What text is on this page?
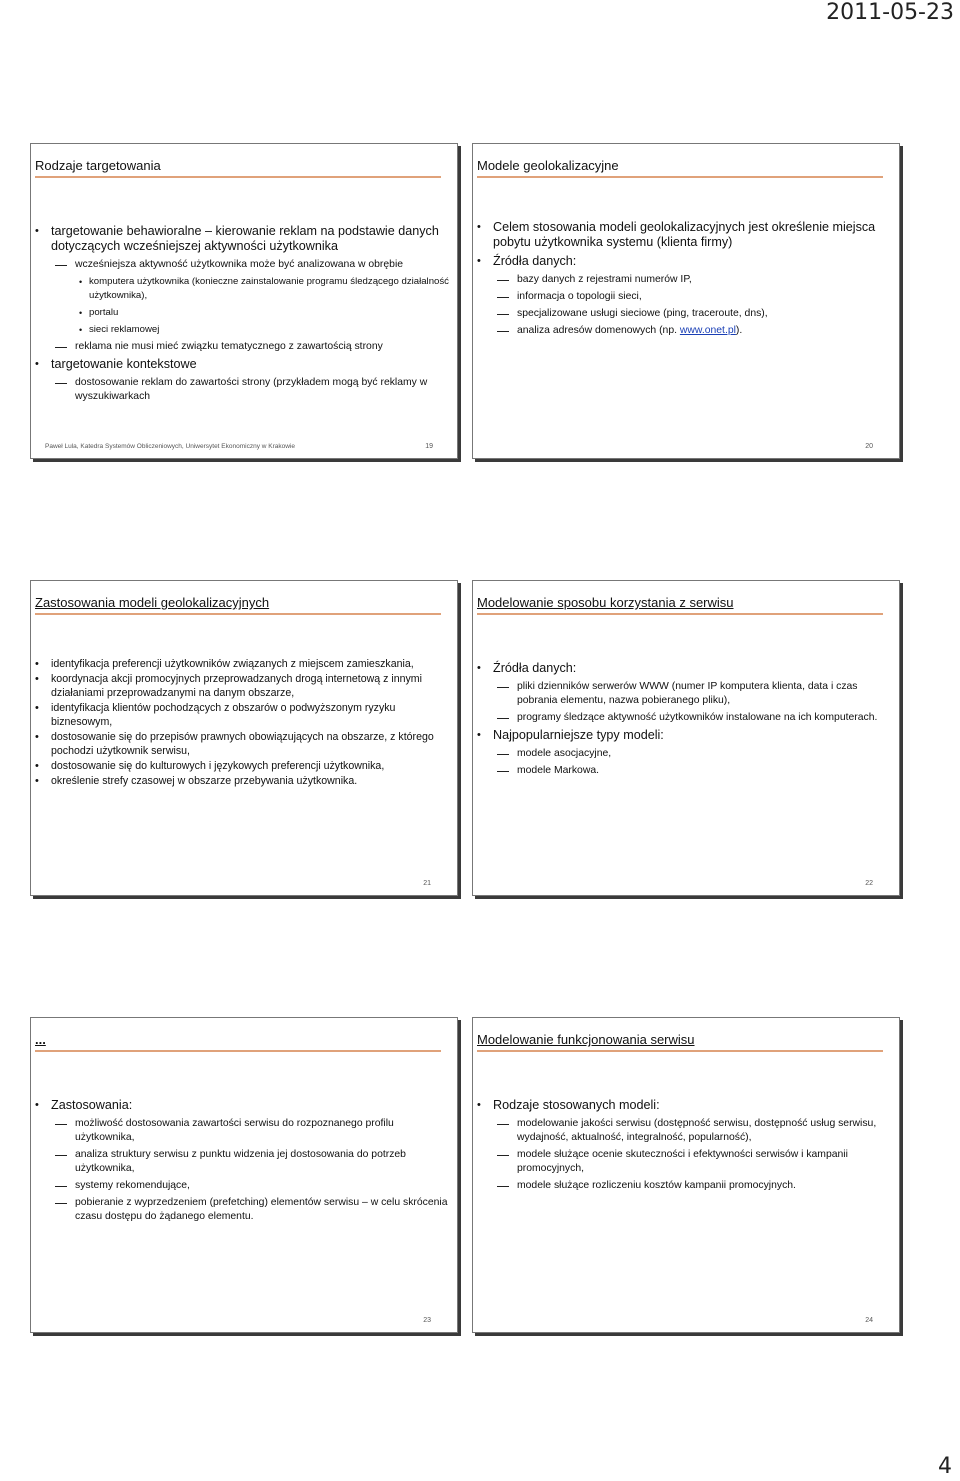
2011-05-23
Rodzaje targetowania
• targetowanie behawioralne – kierowanie reklam na podstawie danych dotyczących wcześniejszej aktywności użytkownika
wcześniejsza aktywność użytkownika może być analizowana w obrębie
• komputera użytkownika (konieczne zainstalowanie programu śledzącego działalność użytkownika),
• portalu
• sieci reklamowej
reklama nie musi mieć związku tematycznego z zawartością strony
• targetowanie kontekstowe
dostosowanie reklam do zawartości strony (przykładem mogą być reklamy w wyszukiwarkach
Paweł Lula, Katedra Systemów Obliczeniowych, Uniwersytet Ekonomiczny w Krakowie	19
Modele geolokalizacyjne
• Celem stosowania modeli geolokalizacyjnych jest określenie miejsca pobytu użytkownika systemu (klienta firmy)
• Źródła danych:
bazy danych z rejestrami numerów IP,
informacja o topologii sieci,
specjalizowane usługi sieciowe (ping, traceroute, dns),
analiza adresów domenowych (np. www.onet.pl).
20
Zastosowania modeli geolokalizacyjnych
• identyfikacja preferencji użytkowników związanych z miejscem zamieszkania,
• koordynacja akcji promocyjnych przeprowadzanych drogą internetową z innymi działaniami przeprowadzanymi na danym obszarze,
• identyfikacja klientów pochodzących z obszarów o podwyższonym ryzyku biznesowym,
• dostosowanie się do przepisów prawnych obowiązujących na obszarze, z którego pochodzi użytkownik serwisu,
• dostosowanie się do kulturowych i językowych preferencji użytkownika,
• określenie strefy czasowej w obszarze przebywania użytkownika.
21
Modelowanie sposobu korzystania z serwisu
• Źródła danych:
pliki dzienników serwerów WWW (numer IP komputera klienta, data i czas pobrania elementu, nazwa pobieranego pliku),
programy śledzące aktywność użytkowników instalowane na ich komputerach.
• Najpopularniejsze typy modeli:
modele asocjacyjne,
modele Markowa.
22
...
• Zastosowania:
możliwość dostosowania zawartości serwisu do rozpoznanego profilu użytkownika,
analiza struktury serwisu z punktu widzenia jej dostosowania do potrzeb użytkownika,
systemy rekomendujące,
pobieranie z wyprzedzeniem (prefetching) elementów serwisu – w celu skrócenia czasu dostępu do żądanego elementu.
23
Modelowanie funkcjonowania serwisu
• Rodzaje stosowanych modeli:
modelowanie jakości serwisu (dostępność serwisu, dostępność usług serwisu, wydajność, aktualność, integralność, popularność),
modele służące ocenie skuteczności i efektywności serwisów i kampanii promocyjnych,
modele służące rozliczeniu kosztów kampanii promocyjnych.
24
4
